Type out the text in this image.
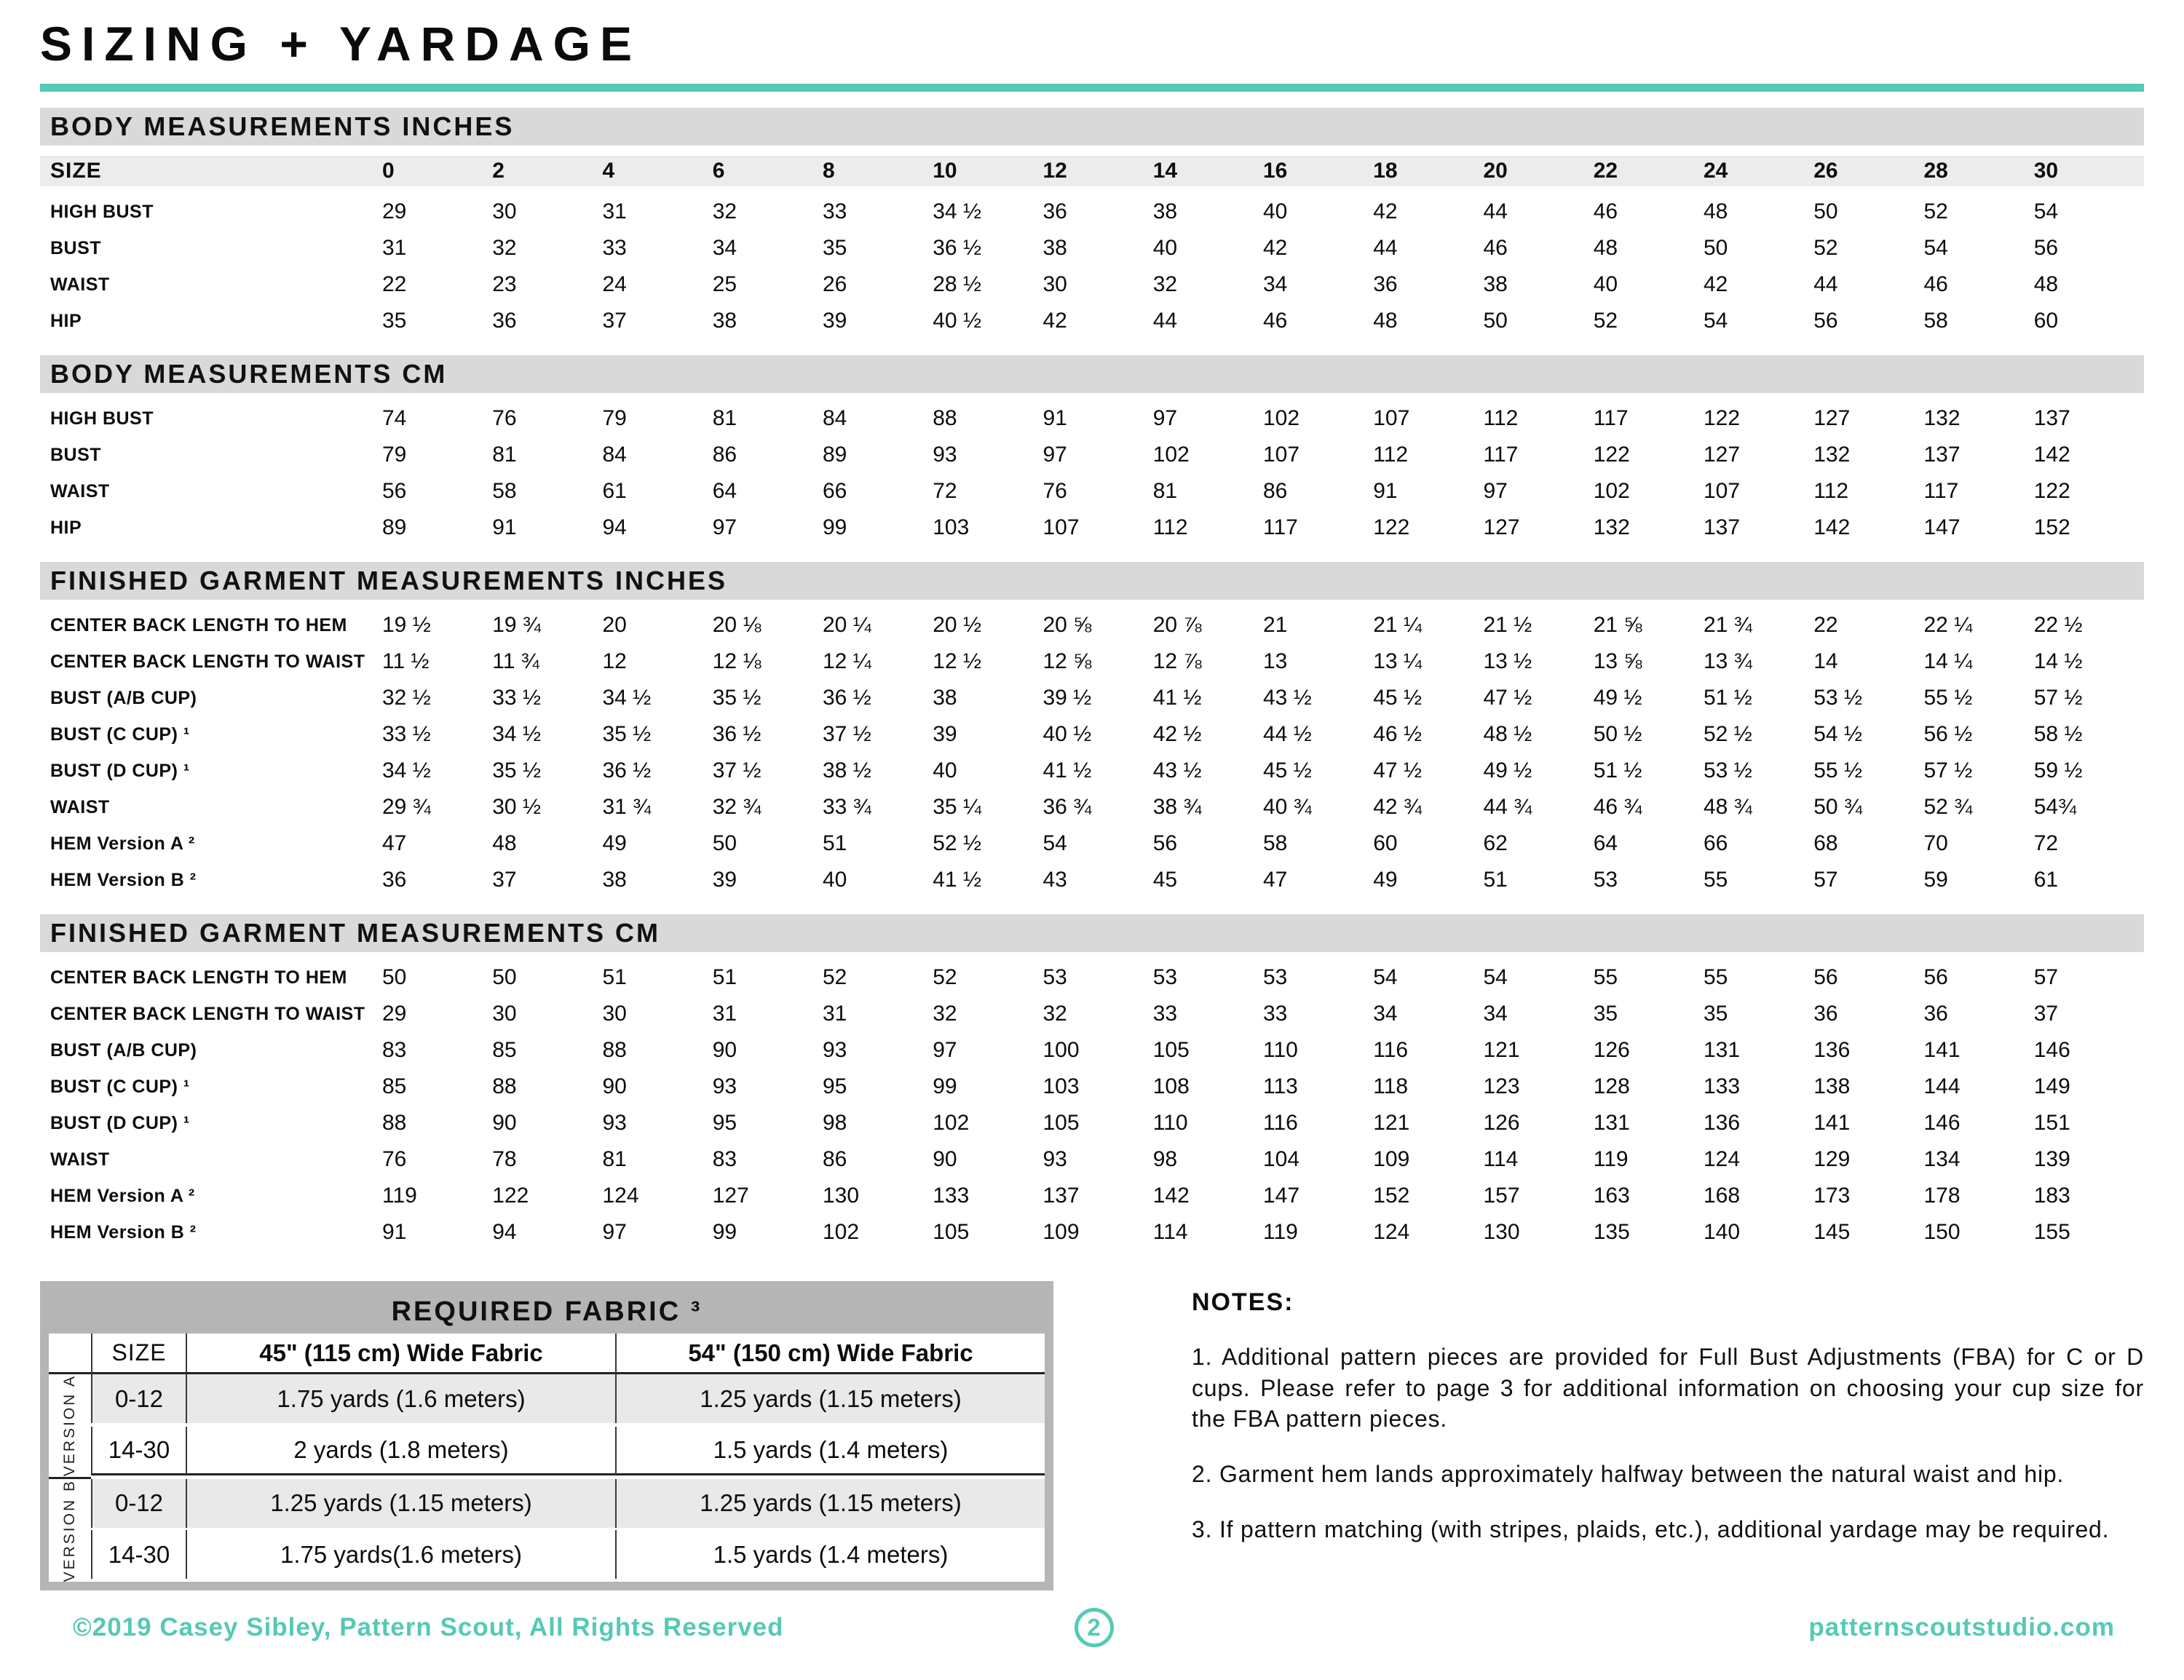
SIZING + YARDAGE
BODY MEASUREMENTS INCHES
SIZE	0	2	4	6	8	10	12	14	16	18	20	22	24	26	28	30
HIGH BUST	29	30	31	32	33	34 ½	36	38	40	42	44	46	48	50	52	54
BUST	31	32	33	34	35	36 ½	38	40	42	44	46	48	50	52	54	56
WAIST	22	23	24	25	26	28 ½	30	32	34	36	38	40	42	44	46	48
HIP	35	36	37	38	39	40 ½	42	44	46	48	50	52	54	56	58	60
BODY MEASUREMENTS CM
HIGH BUST	74	76	79	81	84	88	91	97	102	107	112	117	122	127	132	137
BUST	79	81	84	86	89	93	97	102	107	112	117	122	127	132	137	142
WAIST	56	58	61	64	66	72	76	81	86	91	97	102	107	112	117	122
HIP	89	91	94	97	99	103	107	112	117	122	127	132	137	142	147	152
FINISHED GARMENT MEASUREMENTS INCHES
CENTER BACK LENGTH TO HEM	19 ½	19 ¾	20	20 ⅛	20 ¼	20 ½	20 ⅝	20 ⅞	21	21 ¼	21 ½	21 ⅝	21 ¾	22	22 ¼	22 ½
CENTER BACK LENGTH TO WAIST 11 ½	11 ¾	12	12 ⅛	12 ¼	12 ½	12 ⅝	12 ⅞	13	13 ¼	13 ½	13 ⅝	13 ¾	14	14 ¼	14 ½
BUST (A/B CUP)	32 ½	33 ½	34 ½	35 ½	36 ½	38	39 ½	41 ½	43 ½	45 ½	47 ½	49 ½	51 ½	53 ½	55 ½	57 ½
BUST (C CUP) ¹	33 ½	34 ½	35 ½	36 ½	37 ½	39	40 ½	42 ½	44 ½	46 ½	48 ½	50 ½	52 ½	54 ½	56 ½	58 ½
BUST (D CUP) ¹	34 ½	35 ½	36 ½	37 ½	38 ½	40	41 ½	43 ½	45 ½	47 ½	49 ½	51 ½	53 ½	55 ½	57 ½	59 ½
WAIST	29 ¾	30 ½	31 ¾	32 ¾	33 ¾	35 ¼	36 ¾	38 ¾	40 ¾	42 ¾	44 ¾	46 ¾	48 ¾	50 ¾	52 ¾	54¾
HEM Version A ²	47	48	49	50	51	52 ½	54	56	58	60	62	64	66	68	70	72
HEM Version B ²	36	37	38	39	40	41 ½	43	45	47	49	51	53	55	57	59	61
FINISHED GARMENT MEASUREMENTS CM
CENTER BACK LENGTH TO HEM	50	50	51	51	52	52	53	53	53	54	54	55	55	56	56	57
CENTER BACK LENGTH TO WAIST 29	30	30	31	31	32	32	33	33	34	34	35	35	36	36	37
BUST (A/B CUP)	83	85	88	90	93	97	100	105	110	116	121	126	131	136	141	146
BUST (C CUP) ¹	85	88	90	93	95	99	103	108	113	118	123	128	133	138	144	149
BUST (D CUP) ¹	88	90	93	95	98	102	105	110	116	121	126	131	136	141	146	151
WAIST	76	78	81	83	86	90	93	98	104	109	114	119	124	129	134	139
HEM Version A ²	119	122	124	127	130	133	137	142	147	152	157	163	168	173	178	183
HEM Version B ²	91	94	97	99	102	105	109	114	119	124	130	135	140	145	150	155
REQUIRED FABRIC ³
SIZE	45" (115 cm) Wide Fabric	54" (150 cm) Wide Fabric
VERSION A	0-12	1.75 yards (1.6 meters)	1.25 yards (1.15 meters)
14-30	2 yards (1.8 meters)	1.5 yards (1.4 meters)
VERSION B	0-12	1.25 yards (1.15 meters)	1.25 yards (1.15 meters)
14-30	1.75 yards(1.6 meters)	1.5 yards (1.4 meters)
NOTES:

1. Additional pattern pieces are provided for Full Bust Adjustments (FBA) for C or D cups. Please refer to page 3 for additional information on choosing your cup size for the FBA pattern pieces.

2. Garment hem lands approximately halfway between the natural waist and hip.

3. If pattern matching (with stripes, plaids, etc.), additional yardage may be required.

©2019 Casey Sibley, Pattern Scout, All Rights Reserved	2	patternscoutstudio.com
